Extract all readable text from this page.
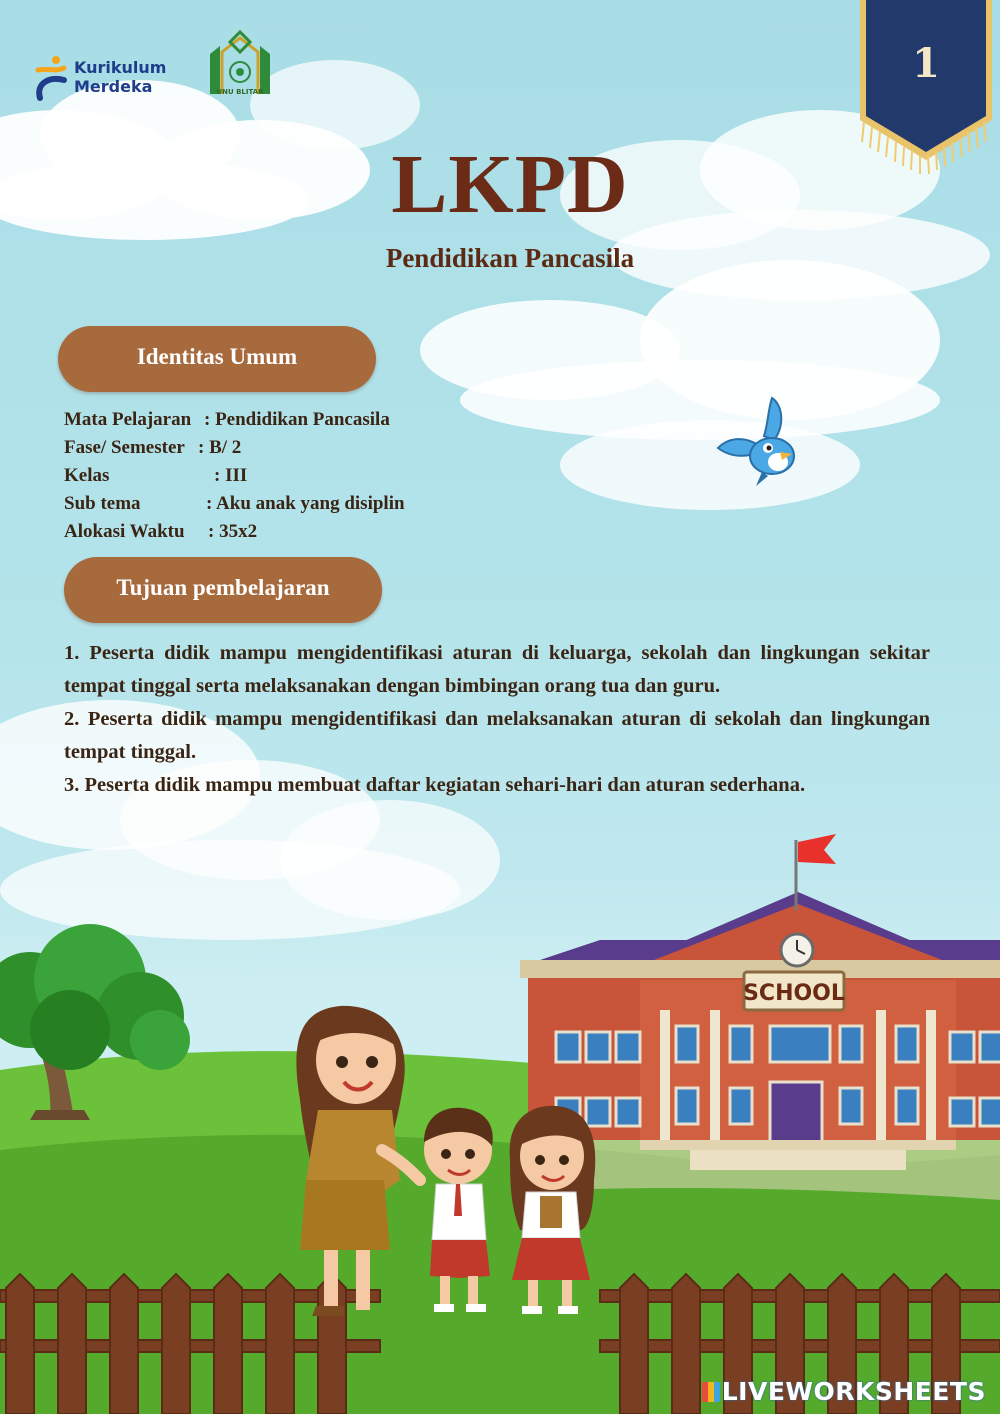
Kurikulum
Merdeka	UNU BLITAR
1
LKPD
Pendidikan Pancasila
Identitas Umum
Mata Pelajaran : Pendidikan Pancasila
Fase/ Semester : B/ 2
Kelas	: III
Sub tema	: Aku anak yang disiplin
Alokasi Waktu : 35x2
Tujuan pembelajaran

1. Peserta didik mampu mengidentifikasi aturan di keluarga, sekolah dan lingkungan sekitar tempat tinggal serta melaksanakan dengan bimbingan orang tua dan guru.

2. Peserta didik mampu mengidentifikasi dan melaksanakan aturan di sekolah dan lingkungan tempat tinggal.

3. Peserta didik mampu membuat daftar kegiatan sehari-hari dan aturan sederhana.

SCHOOL
LIVEWORKSHEETS
